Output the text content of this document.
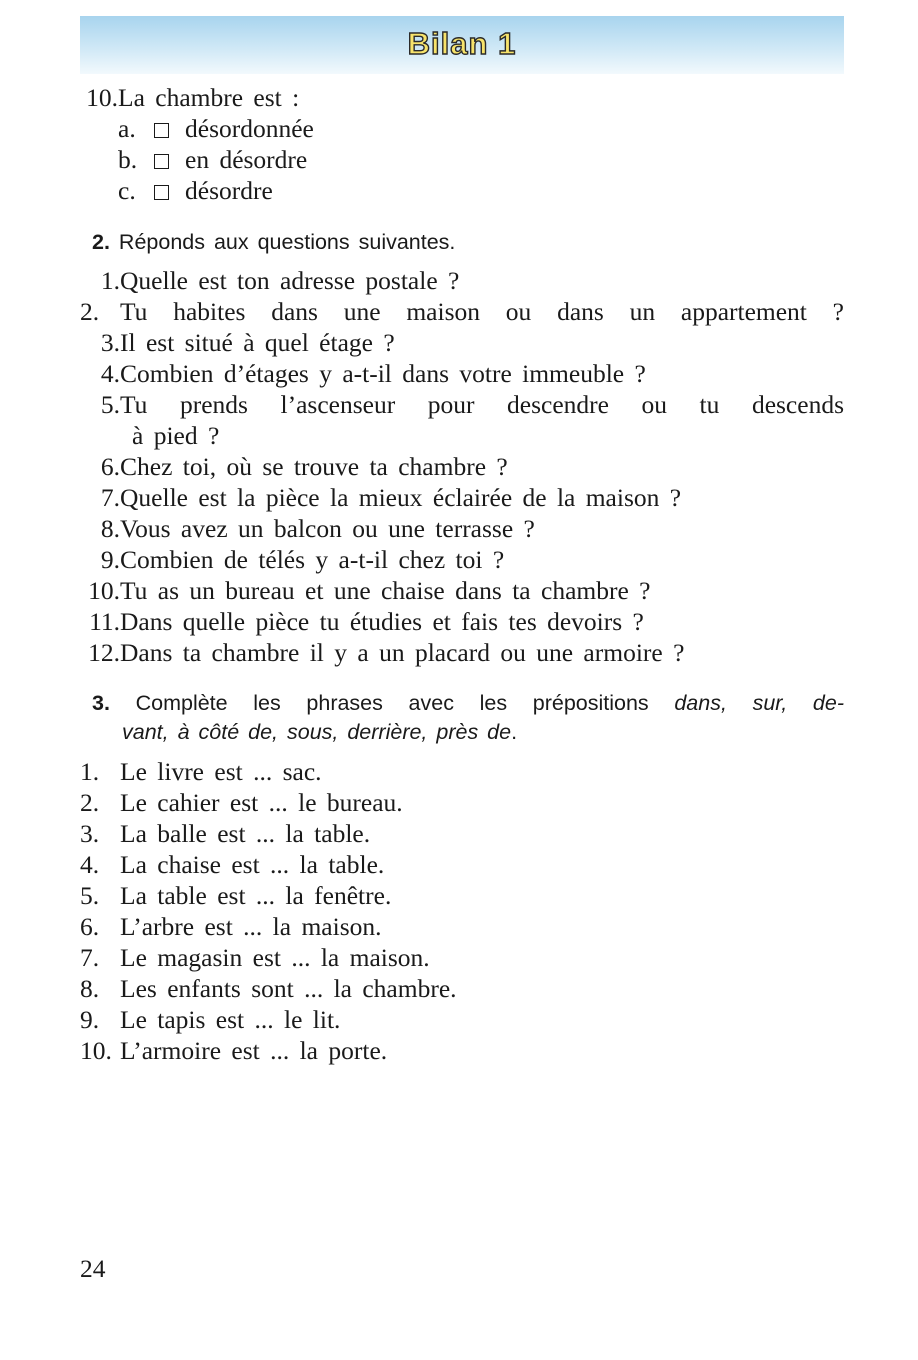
Bilan 1
10.La chambre est :
a. désordonnée
b. en désordre
c. désordre
2. Réponds aux questions suivantes.
1.Quelle est ton adresse postale ?
2. Tu habites dans une maison ou dans un appartement ?
3.Il est situé à quel étage ?
4.Combien d’étages y a-t-il dans votre immeuble ?
5. Tu prends l’ascenseur pour descendre ou tu descends
à pied ?
6.Chez toi, où se trouve ta chambre ?
7.Quelle est la pièce la mieux éclairée de la maison ?
8.Vous avez un balcon ou une terrasse ?
9.Combien de télés y a-t-il chez toi ?
10.Tu as un bureau et une chaise dans ta chambre ?
11.Dans quelle pièce tu étudies et fais tes devoirs ?
12.Dans ta chambre il y a un placard ou une armoire ?
3. Complète les phrases avec les prépositions dans, sur, de-
vant, à côté de, sous, derrière, près de.
1. Le livre est ... sac.
2. Le cahier est ... le bureau.
3. La balle est ... la table.
4. La chaise est ... la table.
5. La table est ... la fenêtre.
6. L’arbre est ... la maison.
7. Le magasin est ... la maison.
8. Les enfants sont ... la chambre.
9. Le tapis est ... le lit.
10. L’armoire est ... la porte.
24
